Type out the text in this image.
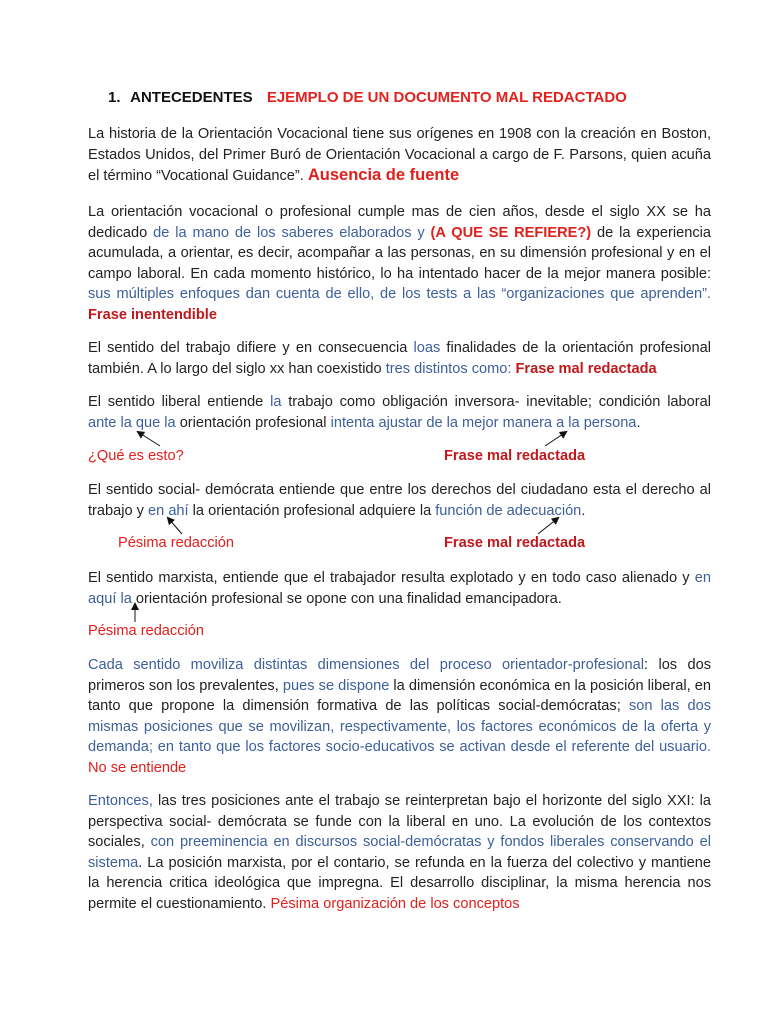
1. ANTECEDENTES EJEMPLO DE UN DOCUMENTO MAL REDACTADO

La historia de la Orientación Vocacional tiene sus orígenes en 1908 con la creación en Boston, Estados Unidos, del Primer Buró de Orientación Vocacional a cargo de F. Parsons, quien acuña el término “Vocational Guidance”. Ausencia de fuente

La orientación vocacional o profesional cumple mas de cien años, desde el siglo XX se ha dedicado de la mano de los saberes elaborados y (A QUE SE REFIERE?) de la experiencia acumulada, a orientar, es decir, acompañar a las personas, en su dimensión profesional y en el campo laboral. En cada momento histórico, lo ha intentado hacer de la mejor manera posible: sus múltiples enfoques dan cuenta de ello, de los tests a las “organizaciones que aprenden”. Frase inentendible

El sentido del trabajo difiere y en consecuencia loas finalidades de la orientación profesional también. A lo largo del siglo xx han coexistido tres distintos como: Frase mal redactada

El sentido liberal entiende la trabajo como obligación inversora- inevitable; condición laboral ante la que la orientación profesional intenta ajustar de la mejor manera a la persona.

¿Qué es esto?	Frase mal redactada

El sentido social- demócrata entiende que entre los derechos del ciudadano esta el derecho al trabajo y en ahí la orientación profesional adquiere la función de adecuación.

Pésima redacción	Frase mal redactada

El sentido marxista, entiende que el trabajador resulta explotado y en todo caso alienado y en aquí la orientación profesional se opone con una finalidad emancipadora.

Pésima redacción

Cada sentido moviliza distintas dimensiones del proceso orientador-profesional: los dos primeros son los prevalentes, pues se dispone la dimensión económica en la posición liberal, en tanto que propone la dimensión formativa de las políticas social-demócratas; son las dos mismas posiciones que se movilizan, respectivamente, los factores económicos de la oferta y demanda; en tanto que los factores socio-educativos se activan desde el referente del usuario. No se entiende

Entonces, las tres posiciones ante el trabajo se reinterpretan bajo el horizonte del siglo XXI: la perspectiva social- demócrata se funde con la liberal en uno. La evolución de los contextos sociales, con preeminencia en discursos social-demócratas y fondos liberales conservando el sistema. La posición marxista, por el contario, se refunda en la fuerza del colectivo y mantiene la herencia critica ideológica que impregna. El desarrollo disciplinar, la misma herencia nos permite el cuestionamiento. Pésima organización de los conceptos
